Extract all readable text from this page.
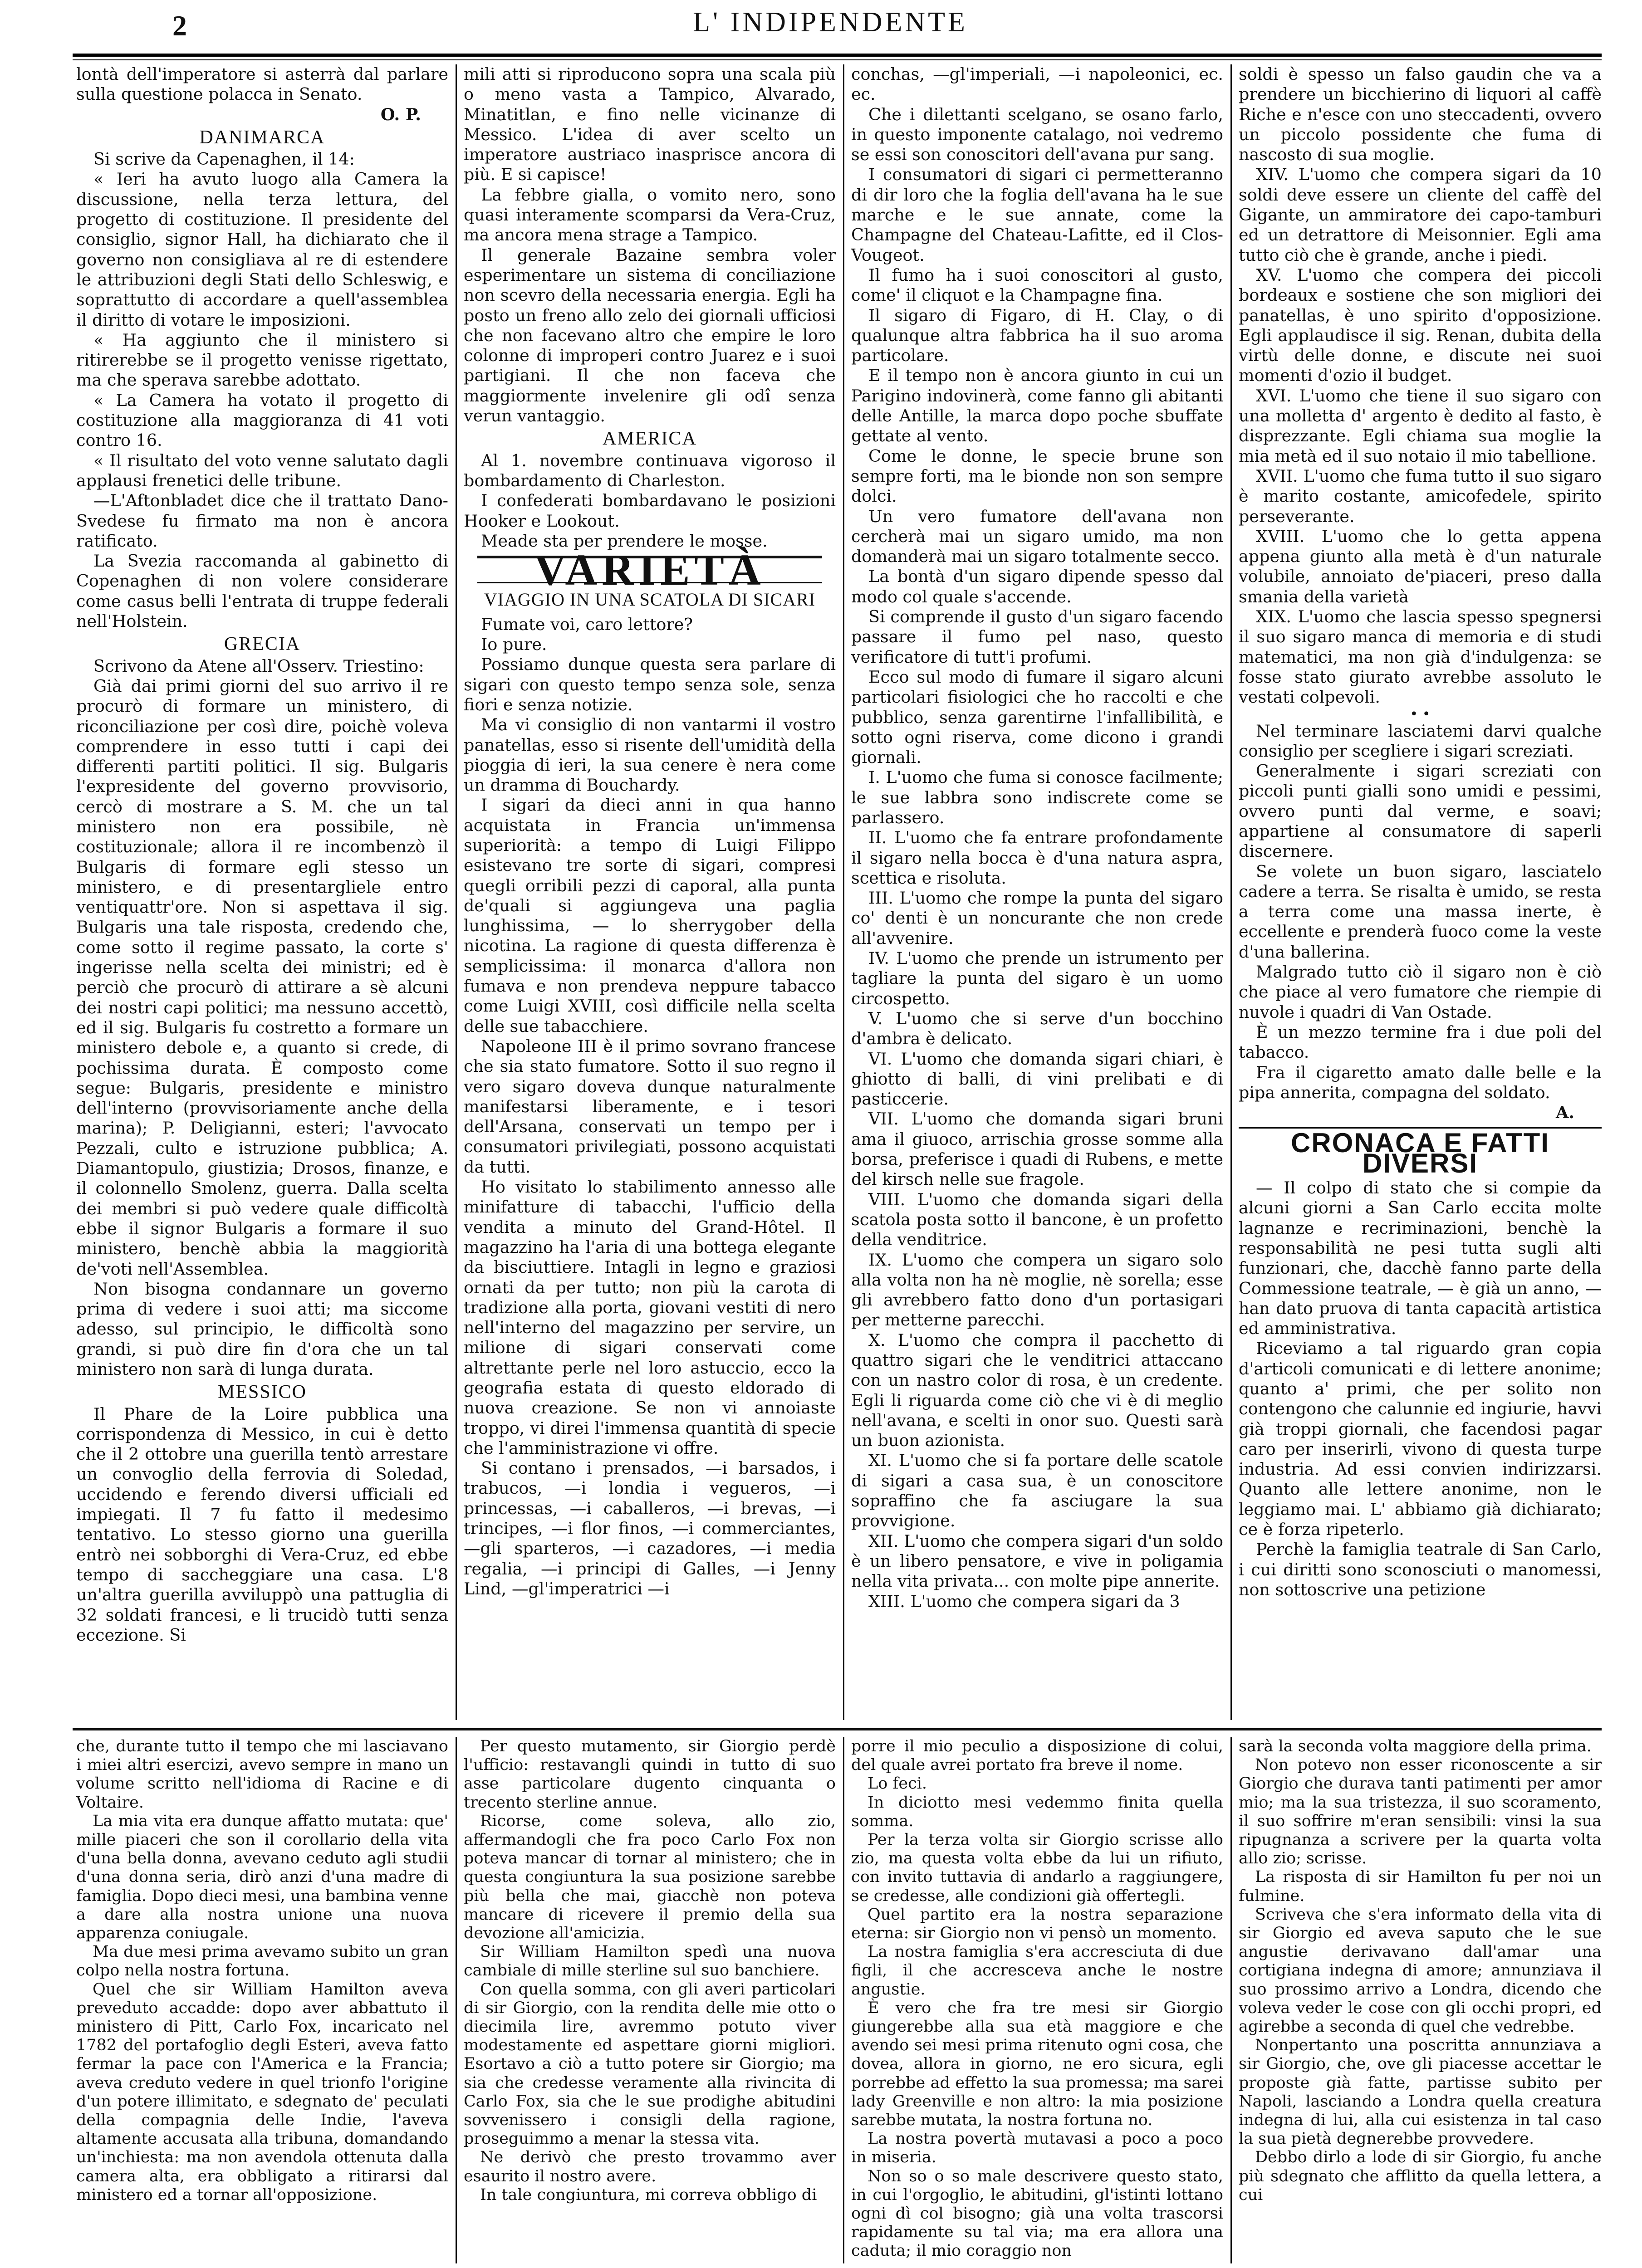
2	L' INDIPENDENTE

lontà dell'imperatore si asterrà dal parlare sulla questione polacca in Senato.

O. P.
DANIMARCA

Si scrive da Capenaghen, il 14:

« Ieri ha avuto luogo alla Camera la discussione, nella terza lettura, del progetto di costituzione. Il presidente del consiglio, signor Hall, ha dichiarato che il governo non consigliava al re di estendere le attribuzioni degli Stati dello Schleswig, e soprattutto di accordare a quell'assemblea il diritto di votare le imposizioni.

« Ha aggiunto che il ministero si ritirerebbe se il progetto venisse rigettato, ma che sperava sarebbe adottato.

« La Camera ha votato il progetto di costituzione alla maggioranza di 41 voti contro 16.

« Il risultato del voto venne salutato dagli applausi frenetici delle tribune.

—L'Aftonbladet dice che il trattato Dano-Svedese fu firmato ma non è ancora ratificato.

La Svezia raccomanda al gabinetto di Copenaghen di non volere considerare come casus belli l'entrata di truppe federali nell'Holstein.

GRECIA

Scrivono da Atene all'Osserv. Triestino:

Già dai primi giorni del suo arrivo il re procurò di formare un ministero, di riconciliazione per così dire, poichè voleva comprendere in esso tutti i capi dei differenti partiti politici. Il sig. Bulgaris l'expresidente del governo provvisorio, cercò di mostrare a S. M. che un tal ministero non era possibile, nè costituzionale; allora il re incombenzò il Bulgaris di formare egli stesso un ministero, e di presentargliele entro ventiquattr'ore. Non si aspettava il sig. Bulgaris una tale risposta, credendo che, come sotto il regime passato, la corte s' ingerisse nella scelta dei ministri; ed è perciò che procurò di attirare a sè alcuni dei nostri capi politici; ma nessuno accettò, ed il sig. Bulgaris fu costretto a formare un ministero debole e, a quanto si crede, di pochissima durata. È composto come segue: Bulgaris, presidente e ministro dell'interno (provvisoriamente anche della marina); P. Deligianni, esteri; l'avvocato Pezzali, culto e istruzione pubblica; A. Diamantopulo, giustizia; Drosos, finanze, e il colonnello Smolenz, guerra. Dalla scelta dei membri si può vedere quale difficoltà ebbe il signor Bulgaris a formare il suo ministero, benchè abbia la maggiorità de'voti nell'Assemblea.

Non bisogna condannare un governo prima di vedere i suoi atti; ma siccome adesso, sul principio, le difficoltà sono grandi, si può dire fin d'ora che un tal ministero non sarà di lunga durata.

MESSICO

Il Phare de la Loire pubblica una corrispondenza di Messico, in cui è detto che il 2 ottobre una guerilla tentò arrestare un convoglio della ferrovia di Soledad, uccidendo e ferendo diversi ufficiali ed impiegati. Il 7 fu fatto il medesimo tentativo. Lo stesso giorno una guerilla entrò nei sobborghi di Vera-Cruz, ed ebbe tempo di saccheggiare una casa. L'8 un'altra guerilla avviluppò una pattuglia di 32 soldati francesi, e li trucidò tutti senza eccezione. Si

mili atti si riproducono sopra una scala più o meno vasta a Tampico, Alvarado, Minatitlan, e fino nelle vicinanze di Messico. L'idea di aver scelto un imperatore austriaco inasprisce ancora di più. E si capisce!

La febbre gialla, o vomito nero, sono quasi interamente scomparsi da Vera-Cruz, ma ancora mena strage a Tampico.

Il generale Bazaine sembra voler esperimentare un sistema di conciliazione non scevro della necessaria energia. Egli ha posto un freno allo zelo dei giornali ufficiosi che non facevano altro che empire le loro colonne di improperi contro Juarez e i suoi partigiani. Il che non faceva che maggiormente invelenire gli odî senza verun vantaggio.

AMERICA

Al 1. novembre continuava vigoroso il bombardamento di Charleston.

I confederati bombardavano le posizioni Hooker e Lookout.

Meade sta per prendere le mosse.

VARIETÀ
VIAGGIO IN UNA SCATOLA DI SICARI

Fumate voi, caro lettore?

Io pure.

Possiamo dunque questa sera parlare di sigari con questo tempo senza sole, senza fiori e senza notizie.

Ma vi consiglio di non vantarmi il vostro panatellas, esso si risente dell'umidità della pioggia di ieri, la sua cenere è nera come un dramma di Bouchardy.

I sigari da dieci anni in qua hanno acquistata in Francia un'immensa superiorità: a tempo di Luigi Filippo esistevano tre sorte di sigari, compresi quegli orribili pezzi di caporal, alla punta de'quali si aggiungeva una paglia lunghissima, — lo sherrygober della nicotina. La ragione di questa differenza è semplicissima: il monarca d'allora non fumava e non prendeva neppure tabacco come Luigi XVIII, così difficile nella scelta delle sue tabacchiere.

Napoleone III è il primo sovrano francese che sia stato fumatore. Sotto il suo regno il vero sigaro doveva dunque naturalmente manifestarsi liberamente, e i tesori dell'Arsana, conservati un tempo per i consumatori privilegiati, possono acquistati da tutti.

Ho visitato lo stabilimento annesso alle minifatture di tabacchi, l'ufficio della vendita a minuto del Grand-Hôtel. Il magazzino ha l'aria di una bottega elegante da bisciuttiere. Intagli in legno e graziosi ornati da per tutto; non più la carota di tradizione alla porta, giovani vestiti di nero nell'interno del magazzino per servire, un milione di sigari conservati come altrettante perle nel loro astuccio, ecco la geografia estata di questo eldorado di nuova creazione. Se non vi annoiaste troppo, vi direi l'immensa quantità di specie che l'amministrazione vi offre.

Si contano i prensados, —i barsados, i trabucos, —i londia i vegueros, —i princessas, —i caballeros, —i brevas, —i trincipes, —i flor finos, —i commerciantes, —gli sparteros, —i cazadores, —i media regalia, —i principi di Galles, —i Jenny Lind, —gl'imperatrici —i

conchas, —gl'imperiali, —i napoleonici, ec. ec.

Che i dilettanti scelgano, se osano farlo, in questo imponente catalago, noi vedremo se essi son conoscitori dell'avana pur sang.

I consumatori di sigari ci permetteranno di dir loro che la foglia dell'avana ha le sue marche e le sue annate, come la Champagne del Chateau-Lafitte, ed il Clos-Vougeot.

Il fumo ha i suoi conoscitori al gusto, come' il cliquot e la Champagne fina.

Il sigaro di Figaro, di H. Clay, o di qualunque altra fabbrica ha il suo aroma particolare.

E il tempo non è ancora giunto in cui un Parigino indovinerà, come fanno gli abitanti delle Antille, la marca dopo poche sbuffate gettate al vento.

Come le donne, le specie brune son sempre forti, ma le bionde non son sempre dolci.

Un vero fumatore dell'avana non cercherà mai un sigaro umido, ma non domanderà mai un sigaro totalmente secco.

La bontà d'un sigaro dipende spesso dal modo col quale s'accende.

Si comprende il gusto d'un sigaro facendo passare il fumo pel naso, questo verificatore di tutt'i profumi.

Ecco sul modo di fumare il sigaro alcuni particolari fisiologici che ho raccolti e che pubblico, senza garentirne l'infallibilità, e sotto ogni riserva, come dicono i grandi giornali.

I. L'uomo che fuma si conosce facilmente; le sue labbra sono indiscrete come se parlassero.

II. L'uomo che fa entrare profondamente il sigaro nella bocca è d'una natura aspra, scettica e risoluta.

III. L'uomo che rompe la punta del sigaro co' denti è un noncurante che non crede all'avvenire.

IV. L'uomo che prende un istrumento per tagliare la punta del sigaro è un uomo circospetto.

V. L'uomo che si serve d'un bocchino d'ambra è delicato.

VI. L'uomo che domanda sigari chiari, è ghiotto di balli, di vini prelibati e di pasticcerie.

VII. L'uomo che domanda sigari bruni ama il giuoco, arrischia grosse somme alla borsa, preferisce i quadi di Rubens, e mette del kirsch nelle sue fragole.

VIII. L'uomo che domanda sigari della scatola posta sotto il bancone, è un profetto della venditrice.

IX. L'uomo che compera un sigaro solo alla volta non ha nè moglie, nè sorella; esse gli avrebbero fatto dono d'un portasigari per metterne parecchi.

X. L'uomo che compra il pacchetto di quattro sigari che le venditrici attaccano con un nastro color di rosa, è un credente. Egli li riguarda come ciò che vi è di meglio nell'avana, e scelti in onor suo. Questi sarà un buon azionista.

XI. L'uomo che si fa portare delle scatole di sigari a casa sua, è un conoscitore sopraffino che fa asciugare la sua provvigione.

XII. L'uomo che compera sigari d'un soldo è un libero pensatore, e vive in poligamia nella vita privata... con molte pipe annerite.

XIII. L'uomo che compera sigari da 3

soldi è spesso un falso gaudin che va a prendere un bicchierino di liquori al caffè Riche e n'esce con uno steccadenti, ovvero un piccolo possidente che fuma di nascosto di sua moglie.

XIV. L'uomo che compera sigari da 10 soldi deve essere un cliente del caffè del Gigante, un ammiratore dei capo-tamburi ed un detrattore di Meisonnier. Egli ama tutto ciò che è grande, anche i piedi.

XV. L'uomo che compera dei piccoli bordeaux e sostiene che son migliori dei panatellas, è uno spirito d'opposizione. Egli applaudisce il sig. Renan, dubita della virtù delle donne, e discute nei suoi momenti d'ozio il budget.

XVI. L'uomo che tiene il suo sigaro con una molletta d' argento è dedito al fasto, è disprezzante. Egli chiama sua moglie la mia metà ed il suo notaio il mio tabellione.

XVII. L'uomo che fuma tutto il suo sigaro è marito costante, amicofedele, spirito perseverante.

XVIII. L'uomo che lo getta appena appena giunto alla metà è d'un naturale volubile, annoiato de'piaceri, preso dalla smania della varietà

XIX. L'uomo che lascia spesso spegnersi il suo sigaro manca di memoria e di studi matematici, ma non già d'indulgenza: se fosse stato giurato avrebbe assoluto le vestati colpevoli.

• •

Nel terminare lasciatemi darvi qualche consiglio per scegliere i sigari screziati.

Generalmente i sigari screziati con piccoli punti gialli sono umidi e pessimi, ovvero punti dal verme, e soavi; appartiene al consumatore di saperli discernere.

Se volete un buon sigaro, lasciatelo cadere a terra. Se risalta è umido, se resta a terra come una massa inerte, è eccellente e prenderà fuoco come la veste d'una ballerina.

Malgrado tutto ciò il sigaro non è ciò che piace al vero fumatore che riempie di nuvole i quadri di Van Ostade.

È un mezzo termine fra i due poli del tabacco.

Fra il cigaretto amato dalle belle e la pipa annerita, compagna del soldato.

A.
CRONACA E FATTI DIVERSI

— Il colpo di stato che si compie da alcuni giorni a San Carlo eccita molte lagnanze e recriminazioni, benchè la responsabilità ne pesi tutta sugli alti funzionari, che, dacchè fanno parte della Commessione teatrale, — è già un anno, — han dato pruova di tanta capacità artistica ed amministrativa.

Riceviamo a tal riguardo gran copia d'articoli comunicati e di lettere anonime; quanto a' primi, che per solito non contengono che calunnie ed ingiurie, havvi già troppi giornali, che facendosi pagar caro per inserirli, vivono di questa turpe industria. Ad essi convien indirizzarsi. Quanto alle lettere anonime, non le leggiamo mai. L' abbiamo già dichiarato; ce è forza ripeterlo.

Perchè la famiglia teatrale di San Carlo, i cui diritti sono sconosciuti o manomessi, non sottoscrive una petizione

che, durante tutto il tempo che mi lasciavano i miei altri esercizi, avevo sempre in mano un volume scritto nell'idioma di Racine e di Voltaire.

La mia vita era dunque affatto mutata: que' mille piaceri che son il corollario della vita d'una bella donna, avevano ceduto agli studii d'una donna seria, dirò anzi d'una madre di famiglia. Dopo dieci mesi, una bambina venne a dare alla nostra unione una nuova apparenza coniugale.

Ma due mesi prima avevamo subito un gran colpo nella nostra fortuna.

Quel che sir William Hamilton aveva preveduto accadde: dopo aver abbattuto il ministero di Pitt, Carlo Fox, incaricato nel 1782 del portafoglio degli Esteri, aveva fatto fermar la pace con l'America e la Francia; aveva creduto vedere in quel trionfo l'origine d'un potere illimitato, e sdegnato de' peculati della compagnia delle Indie, l'aveva altamente accusata alla tribuna, domandando un'inchiesta: ma non avendola ottenuta dalla camera alta, era obbligato a ritirarsi dal ministero ed a tornar all'opposizione.

Per questo mutamento, sir Giorgio perdè l'ufficio: restavangli quindi in tutto di suo asse particolare dugento cinquanta o trecento sterline annue.

Ricorse, come soleva, allo zio, affermandogli che fra poco Carlo Fox non poteva mancar di tornar al ministero; che in questa congiuntura la sua posizione sarebbe più bella che mai, giacchè non poteva mancare di ricevere il premio della sua devozione all'amicizia.

Sir William Hamilton spedì una nuova cambiale di mille sterline sul suo banchiere.

Con quella somma, con gli averi particolari di sir Giorgio, con la rendita delle mie otto o diecimila lire, avremmo potuto viver modestamente ed aspettare giorni migliori. Esortavo a ciò a tutto potere sir Giorgio; ma sia che credesse veramente alla rivincita di Carlo Fox, sia che le sue prodighe abitudini sovvenissero i consigli della ragione, proseguimmo a menar la stessa vita.

Ne derivò che presto trovammo aver esaurito il nostro avere.

In tale congiuntura, mi correva obbligo di

porre il mio peculio a disposizione di colui, del quale avrei portato fra breve il nome.

Lo feci.

In diciotto mesi vedemmo finita quella somma.

Per la terza volta sir Giorgio scrisse allo zio, ma questa volta ebbe da lui un rifiuto, con invito tuttavia di andarlo a raggiungere, se credesse, alle condizioni già offertegli.

Quel partito era la nostra separazione eterna: sir Giorgio non vi pensò un momento.

La nostra famiglia s'era accresciuta di due figli, il che accresceva anche le nostre angustie.

È vero che fra tre mesi sir Giorgio giungerebbe alla sua età maggiore e che avendo sei mesi prima ritenuto ogni cosa, che dovea, allora in giorno, ne ero sicura, egli porrebbe ad effetto la sua promessa; ma sarei lady Greenville e non altro: la mia posizione sarebbe mutata, la nostra fortuna no.

La nostra povertà mutavasi a poco a poco in miseria.

Non so o so male descrivere questo stato, in cui l'orgoglio, le abitudini, gl'istinti lottano ogni dì col bisogno; già una volta trascorsi rapidamente su tal via; ma era allora una caduta; il mio coraggio non

sarà la seconda volta maggiore della prima.

Non potevo non esser riconoscente a sir Giorgio che durava tanti patimenti per amor mio; ma la sua tristezza, il suo scoramento, il suo soffrire m'eran sensibili: vinsi la sua ripugnanza a scrivere per la quarta volta allo zio; scrisse.

La risposta di sir Hamilton fu per noi un fulmine.

Scriveva che s'era informato della vita di sir Giorgio ed aveva saputo che le sue angustie derivavano dall'amar una cortigiana indegna di amore; annunziava il suo prossimo arrivo a Londra, dicendo che voleva veder le cose con gli occhi propri, ed agirebbe a seconda di quel che vedrebbe.

Nonpertanto una poscritta annunziava a sir Giorgio, che, ove gli piacesse accettar le proposte già fatte, partisse subito per Napoli, lasciando a Londra quella creatura indegna di lui, alla cui esistenza in tal caso la sua pietà degnerebbe provvedere.

Debbo dirlo a lode di sir Giorgio, fu anche più sdegnato che afflitto da quella lettera, a cui
